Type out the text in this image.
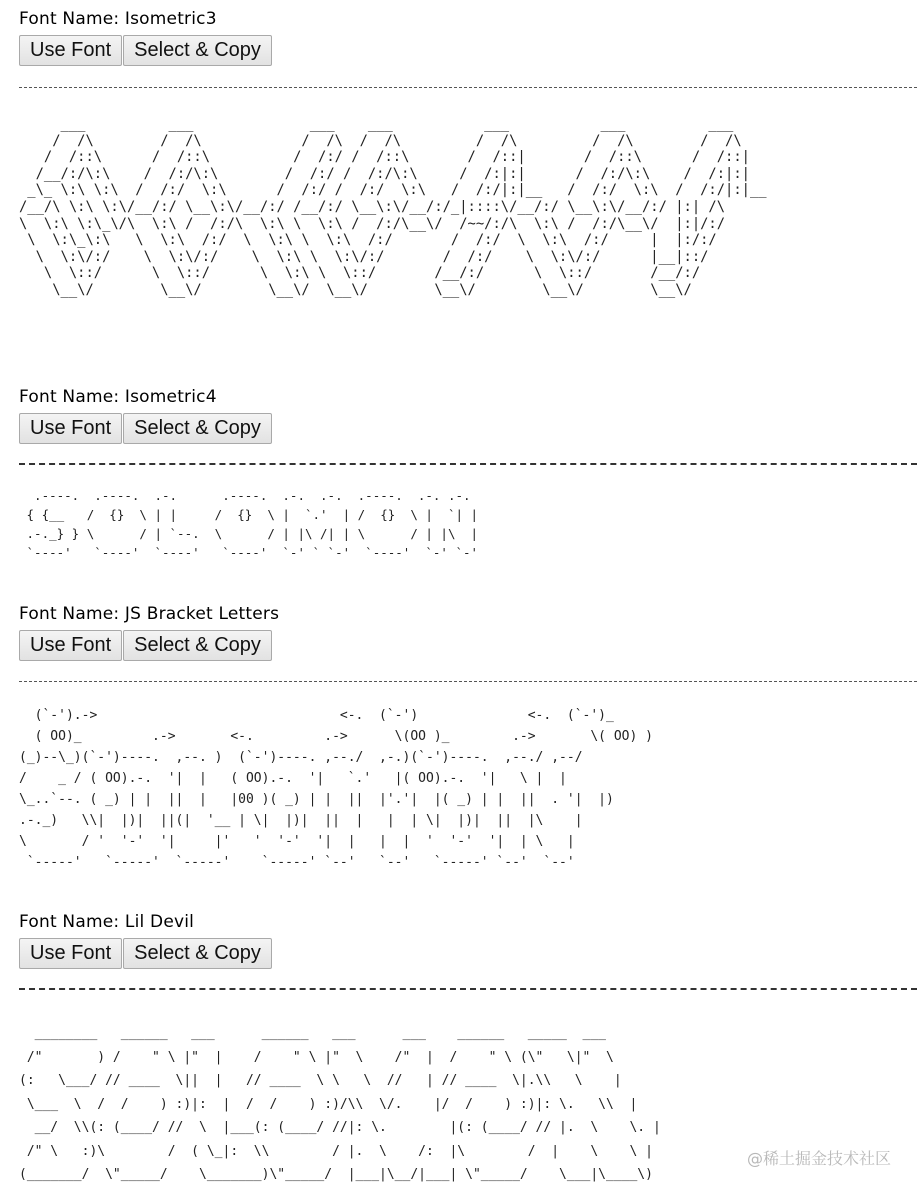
Font Name: Isometric3
Use Font	Select & Copy
___          ___              ___    ___           ___           ___          ___
/  /\        /  /\            /  /\  /  /\         /  /\         /  /\        /  /\
/  /::\      /  /::\          /  /:/ /  /::\       /  /::|       /  /::\      /  /::|
/__/:/\:\    /  /:/\:\        /  /:/ /  /:/\:\     /  /:|:|      /  /:/\:\    /  /:|:|
_\_ \:\ \:\  /  /:/  \:\      /  /:/ /  /:/  \:\   /  /:/|:|__   /  /:/  \:\  /  /:/|:|__
/__/\ \:\ \:\/__/:/ \__\:\/__/:/ /__/:/ \__\:\/__/:/_|::::\/__/:/ \__\:\/__/:/ |:| /\
\  \:\ \:\_\/\  \:\ /  /:/\  \:\ \  \:\ /  /:/\__\/  /~~/:/\  \:\ /  /:/\__\/  |:|/:/
\  \:\_\:\   \  \:\  /:/  \  \:\ \  \:\  /:/       /  /:/  \  \:\  /:/     |  |:/:/
\  \:\/:/    \  \:\/:/    \  \:\ \  \:\/:/       /  /:/    \  \:\/:/      |__|::/
\  \::/      \  \::/      \  \:\ \  \::/       /__/:/      \  \::/       /__/:/
\__\/        \__\/        \__\/  \__\/        \__\/        \__\/        \__\/
Font Name: Isometric4
Use Font	Select & Copy
.----.  .----.  .-.      .----.  .-.  .-.  .----.  .-. .-.
{ {__   /  {}  \ | |     /  {}  \ |  `.'  | /  {}  \ |  `| |
.-._} } \      / | `--.  \      / | |\ /| | \      / | |\  |
`----'   `----'  `----'   `----'  `-' ` `-'  `----'  `-' `-'
Font Name: JS Bracket Letters
Use Font	Select & Copy
(`-').->                               <-.  (`-')              <-.  (`-')_
( OO)_         .->       <-.         .->      \(OO )_        .->       \( OO) )
(_)--\_)(`-')----.  ,--. )  (`-')----. ,--./  ,-.)(`-')----.  ,--./ ,--/
/    _ / ( OO).-.  '|  |   ( OO).-.  '|   `.'   |( OO).-.  '|   \ |  |
\_..`--. ( _) | |  ||  |   |00 )( _) | |  ||  |'.'|  |( _) | |  ||  . '|  |)
.-._)   \\|  |)|  ||(|  '__ | \|  |)|  ||  |   |  | \|  |)|  ||  |\    |
\       / '  '-'  '|     |'   '  '-'  '|  |   |  |  '  '-'  '|  | \   |
`-----'   `-----'  `-----'    `-----' `--'   `--'   `-----' `--'  `--'
Font Name: Lil Devil
Use Font	Select & Copy
________   ______   ___      ______   ___      ___    ______   _____  ___
/"       ) /    " \ |"  |    /    " \ |"  \    /"  |  /    " \ (\"   \|"  \
(:   \___/ // ____  \||  |   // ____  \ \   \  //   | // ____  \|.\\   \    |
\___  \  /  /    ) :)|:  |  /  /    ) :)/\\  \/.    |/  /    ) :)|: \.   \\  |
__/  \\(: (____/ //  \  |___(: (____/ //|: \.        |(: (____/ // |.  \    \. |
/" \   :)\        /  ( \_|:  \\        / |.  \    /:  |\        /  |    \    \ |
(_______/  \"_____/    \_______)\"_____/  |___|\__/|___| \"_____/    \___|\____\)
@稀土掘金技术社区
